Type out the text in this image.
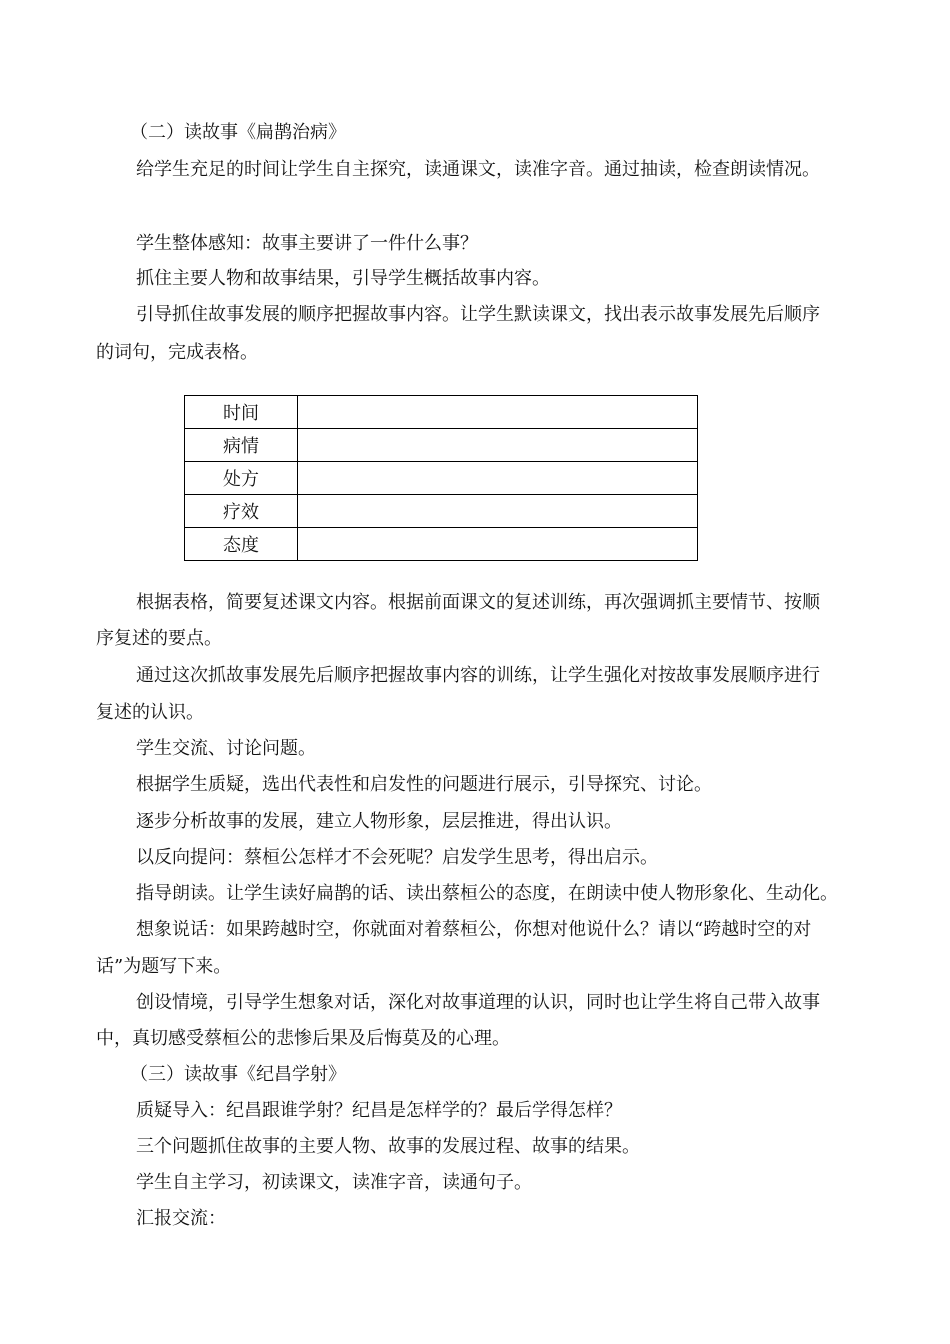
（二）读故事《扁鹊治病》
给学生充足的时间让学生自主探究，读通课文，读准字音。通过抽读，检查朗读情况。
学生整体感知：故事主要讲了一件什么事？
抓住主要人物和故事结果，引导学生概括故事内容。
引导抓住故事发展的顺序把握故事内容。让学生默读课文，找出表示故事发展先后顺序
的词句，完成表格。
时间	
病情	
处方	
疗效	
态度	
根据表格，简要复述课文内容。根据前面课文的复述训练，再次强调抓主要情节、按顺
序复述的要点。
通过这次抓故事发展先后顺序把握故事内容的训练，让学生强化对按故事发展顺序进行
复述的认识。
学生交流、讨论问题。
根据学生质疑，选出代表性和启发性的问题进行展示，引导探究、讨论。
逐步分析故事的发展，建立人物形象，层层推进，得出认识。
以反向提问：蔡桓公怎样才不会死呢？启发学生思考，得出启示。
指导朗读。让学生读好扁鹊的话、读出蔡桓公的态度，在朗读中使人物形象化、生动化。
想象说话：如果跨越时空，你就面对着蔡桓公，你想对他说什么？请以“跨越时空的对
话”为题写下来。
创设情境，引导学生想象对话，深化对故事道理的认识，同时也让学生将自己带入故事
中，真切感受蔡桓公的悲惨后果及后悔莫及的心理。
（三）读故事《纪昌学射》
质疑导入：纪昌跟谁学射？纪昌是怎样学的？最后学得怎样？
三个问题抓住故事的主要人物、故事的发展过程、故事的结果。
学生自主学习，初读课文，读准字音，读通句子。
汇报交流：
